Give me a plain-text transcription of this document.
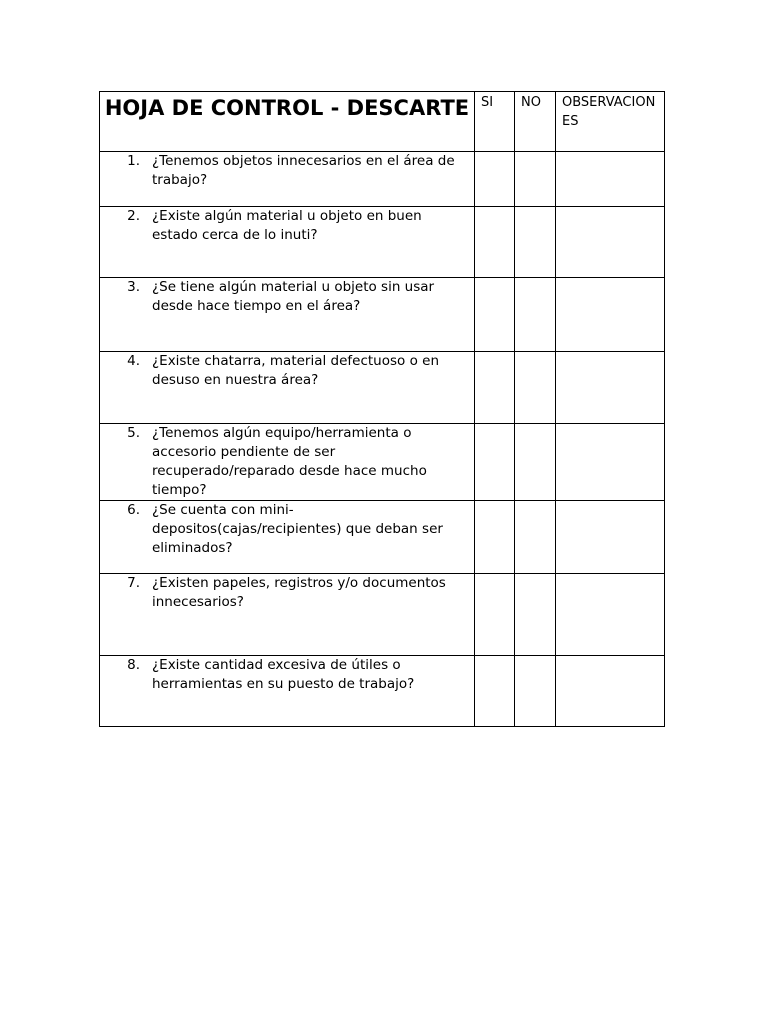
HOJA DE CONTROL - DESCARTE	SI	NO	OBSERVACIONES

1. ¿Tenemos objetos innecesarios en el área de trabajo?			

2. ¿Existe algún material u objeto en buen estado cerca de lo inuti?			

3. ¿Se tiene algún material u objeto sin usar desde hace tiempo en el área?			

4. ¿Existe chatarra, material defectuoso o en desuso en nuestra área?			

5. ¿Tenemos algún equipo/herramienta o accesorio pendiente de ser recuperado/reparado desde hace mucho tiempo?			

6. ¿Se cuenta con mini-depositos(cajas/recipientes) que deban ser eliminados?			

7. ¿Existen papeles, registros y/o documentos innecesarios?			

8. ¿Existe cantidad excesiva de útiles o herramientas en su puesto de trabajo?			
